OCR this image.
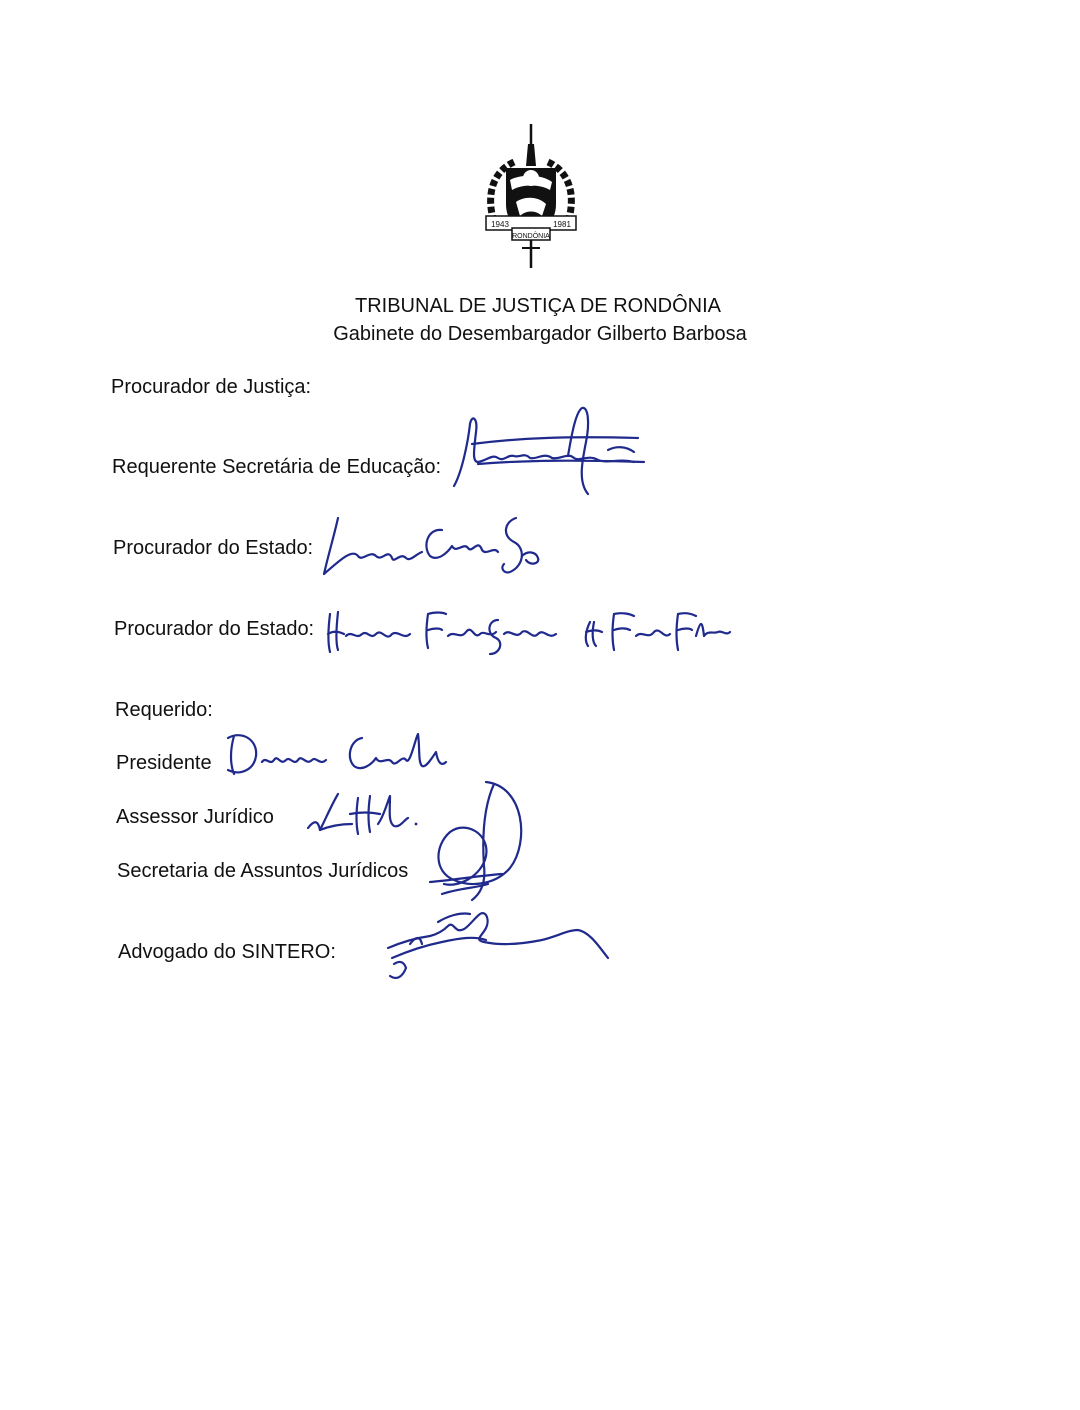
1943	1981
RONDÔNIA
TRIBUNAL DE JUSTIÇA DE RONDÔNIA
Gabinete do Desembargador Gilberto Barbosa
Procurador de Justiça:
Requerente Secretária de Educação:
Procurador do Estado:
Procurador do Estado:
Requerido:
Presidente
Assessor Jurídico
Secretaria de Assuntos Jurídicos
Advogado do SINTERO:
